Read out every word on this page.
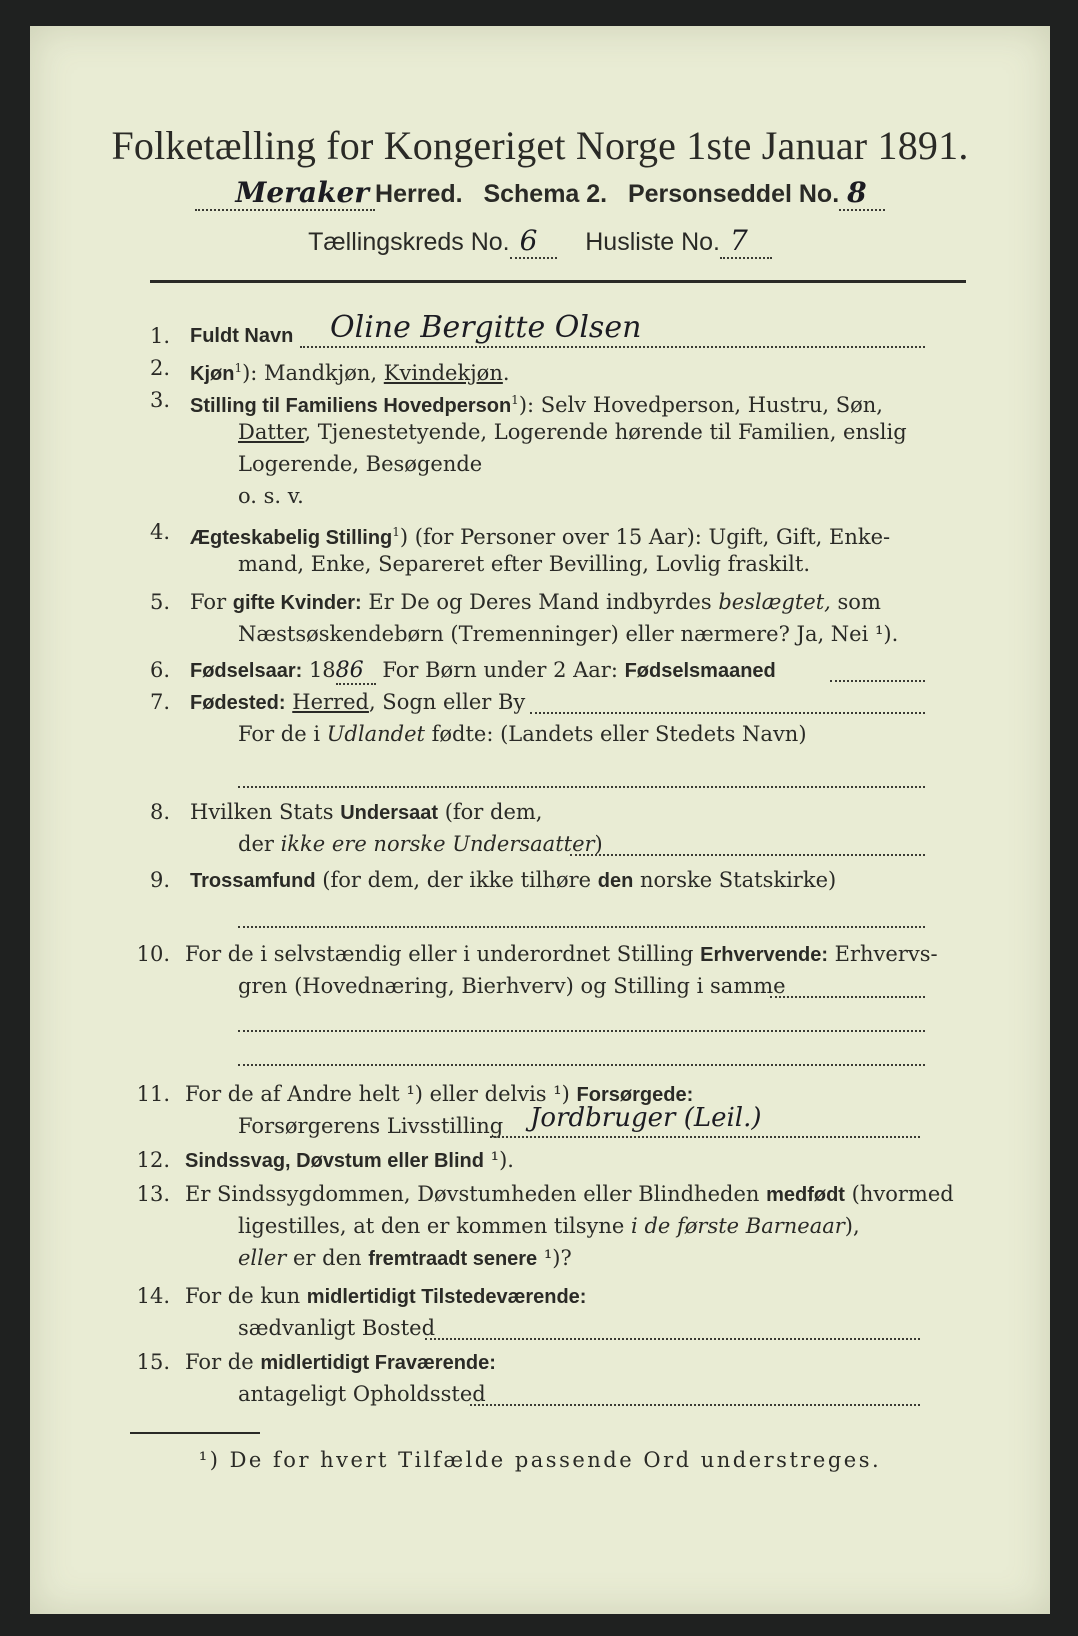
Folketælling for Kongeriget Norge 1ste Januar 1891.
Meraker Herred. Schema 2. Personseddel No. 8
Tællingskreds No. 6 Husliste No. 7
1. Fuldt Navn Oline Bergitte Olsen
2. Kjøn$^1$): Mandkjøn, Kvindekjøn.
3. Stilling til Familiens Hovedperson$^1$): Selv Hovedperson, Hustru, Søn,
Datter, Tjenestetyende, Logerende hørende til Familien, enslig
Logerende, Besøgende
o. s. v.
4. Ægteskabelig Stilling$^1$) (for Personer over 15 Aar): Ugift, Gift, Enke-
mand, Enke, Separeret efter Bevilling, Lovlig fraskilt.
5. For gifte Kvinder: Er De og Deres Mand indbyrdes beslægtet, som
Næstsøskendebørn (Tremenninger) eller nærmere? Ja, Nei ¹).
6. Fødselsaar: 1886 For Børn under 2 Aar: Fødselsmaaned
7. Fødested: Herred, Sogn eller By
For de i Udlandet fødte: (Landets eller Stedets Navn)
8. Hvilken Stats Undersaat (for dem,
der ikke ere norske Undersaatter)
9. Trossamfund (for dem, der ikke tilhøre den norske Statskirke)
10. For de i selvstændig eller i underordnet Stilling Erhvervende: Erhvervs-
gren (Hovednæring, Bierhverv) og Stilling i samme
11. For de af Andre helt ¹) eller delvis ¹) Forsørgede:
Forsørgerens Livsstilling Jordbruger (Leil.)
12. Sindssvag, Døvstum eller Blind ¹).
13. Er Sindssygdommen, Døvstumheden eller Blindheden medfødt (hvormed
ligestilles, at den er kommen tilsyne i de første Barneaar),
eller er den fremtraadt senere ¹)?
14. For de kun midlertidigt Tilstedeværende:
sædvanligt Bosted
15. For de midlertidigt Fraværende:
antageligt Opholdssted
¹) De for hvert Tilfælde passende Ord understreges.
